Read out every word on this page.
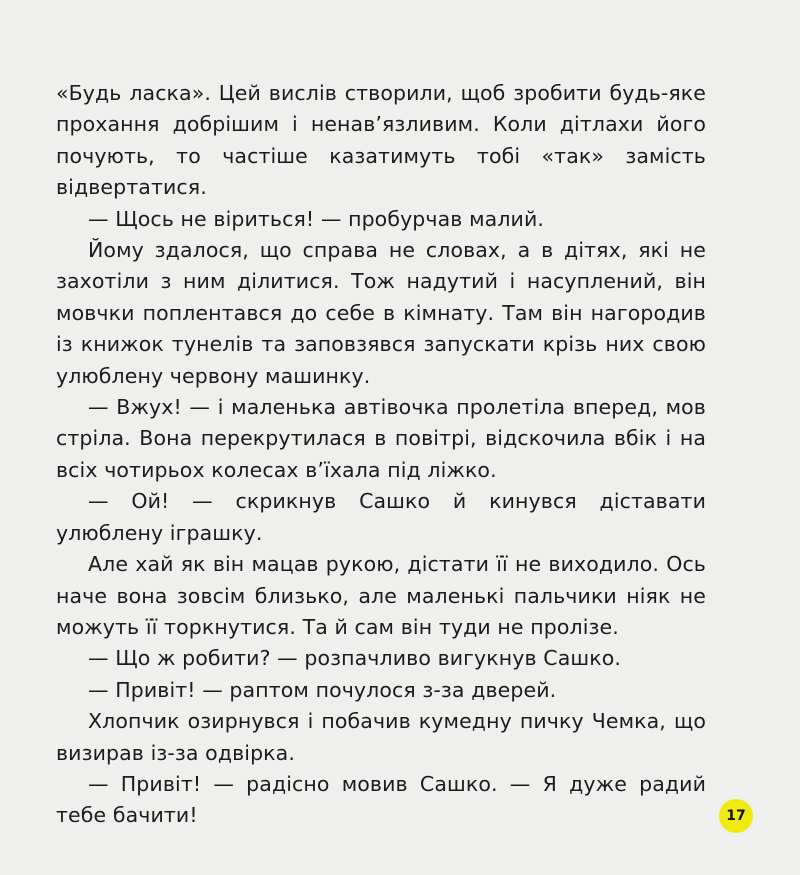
«Будь ласка». Цей вислів створили, щоб зробити будь-яке прохання добрішим і ненав’язливим. Коли дітлахи його почують, то частіше казатимуть тобі «так» замість відвертатися.

— Щось не віриться! — пробурчав малий.

Йому здалося, що справа не словах, а в дітях, які не захотіли з ним ділитися. Тож надутий і насуплений, він мовчки поплентався до себе в кімнату. Там він нагородив із книжок тунелів та заповзявся запускати крізь них свою улюблену червону машинку.

— Вжух! — і маленька автівочка пролетіла вперед, мов стріла. Вона перекрутилася в повітрі, відскочила вбік і на всіх чотирьох колесах в’їхала під ліжко.

— Ой! — скрикнув Сашко й кинувся діставати улюблену іграшку.

Але хай як він мацав рукою, дістати її не виходило. Ось наче вона зовсім близько, але маленькі пальчики ніяк не можуть її торкнутися. Та й сам він туди не пролізе.

— Що ж робити? — розпачливо вигукнув Сашко.

— Привіт! — раптом почулося з-за дверей.

Хлопчик озирнувся і побачив кумедну пичку Чемка, що визирав із-за одвірка.

— Привіт! — радісно мовив Сашко. — Я дуже радий тебе бачити!	17
